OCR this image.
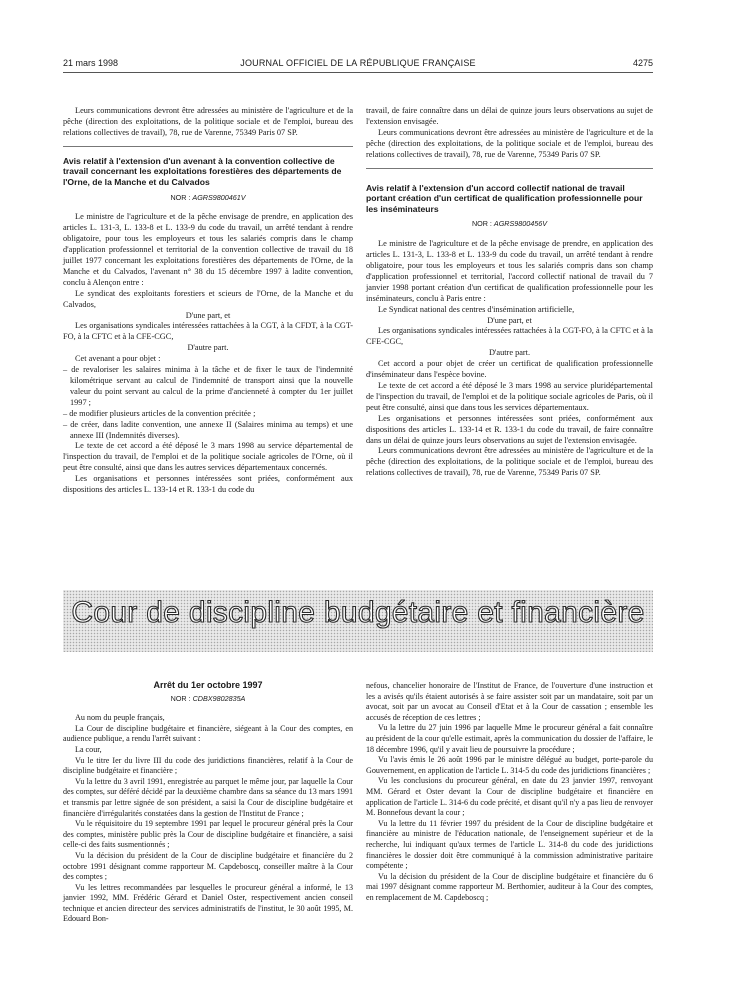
21 mars 1998	JOURNAL OFFICIEL DE LA RÉPUBLIQUE FRANÇAISE	4275

Leurs communications devront être adressées au ministère de l'agriculture et de la pêche (direction des exploitations, de la politique sociale et de l'emploi, bureau des relations collectives de travail), 78, rue de Varenne, 75349 Paris 07 SP.

Avis relatif à l'extension d'un avenant à la convention collective de travail concernant les exploitations forestières des départements de l'Orne, de la Manche et du Calvados

NOR : AGRS9800461V

Le ministre de l'agriculture et de la pêche envisage de prendre, en application des articles L. 131-3, L. 133-8 et L. 133-9 du code du travail, un arrêté tendant à rendre obligatoire, pour tous les employeurs et tous les salariés compris dans le champ d'application professionnel et territorial de la convention collective de travail du 18 juillet 1977 concernant les exploitations forestières des départements de l'Orne, de la Manche et du Calvados, l'avenant n° 38 du 15 décembre 1997 à ladite convention, conclu à Alençon entre :

Le syndicat des exploitants forestiers et scieurs de l'Orne, de la Manche et du Calvados,

D'une part, et

Les organisations syndicales intéressées rattachées à la CGT, à la CFDT, à la CGT-FO, à la CFTC et à la CFE-CGC,

D'autre part.

Cet avenant a pour objet :

– de revaloriser les salaires minima à la tâche et de fixer le taux de l'indemnité kilométrique servant au calcul de l'indemnité de transport ainsi que la nouvelle valeur du point servant au calcul de la prime d'ancienneté à compter du 1er juillet 1997 ;

– de modifier plusieurs articles de la convention précitée ;

– de créer, dans ladite convention, une annexe II (Salaires minima au temps) et une annexe III (Indemnités diverses).

Le texte de cet accord a été déposé le 3 mars 1998 au service départemental de l'inspection du travail, de l'emploi et de la politique sociale agricoles de l'Orne, où il peut être consulté, ainsi que dans les autres services départementaux concernés.

Les organisations et personnes intéressées sont priées, conformément aux dispositions des articles L. 133-14 et R. 133-1 du code du

travail, de faire connaître dans un délai de quinze jours leurs observations au sujet de l'extension envisagée.

Leurs communications devront être adressées au ministère de l'agriculture et de la pêche (direction des exploitations, de la politique sociale et de l'emploi, bureau des relations collectives de travail), 78, rue de Varenne, 75349 Paris 07 SP.

Avis relatif à l'extension d'un accord collectif national de travail portant création d'un certificat de qualification professionnelle pour les inséminateurs

NOR : AGRS9800456V

Le ministre de l'agriculture et de la pêche envisage de prendre, en application des articles L. 131-3, L. 133-8 et L. 133-9 du code du travail, un arrêté tendant à rendre obligatoire, pour tous les employeurs et tous les salariés compris dans son champ d'application professionnel et territorial, l'accord collectif national de travail du 7 janvier 1998 portant création d'un certificat de qualification professionnelle pour les inséminateurs, conclu à Paris entre :

Le Syndicat national des centres d'insémination artificielle,

D'une part, et

Les organisations syndicales intéressées rattachées à la CGT-FO, à la CFTC et à la CFE-CGC,

D'autre part.

Cet accord a pour objet de créer un certificat de qualification professionnelle d'inséminateur dans l'espèce bovine.

Le texte de cet accord a été déposé le 3 mars 1998 au service pluridépartemental de l'inspection du travail, de l'emploi et de la politique sociale agricoles de Paris, où il peut être consulté, ainsi que dans tous les services départementaux.

Les organisations et personnes intéressées sont priées, conformément aux dispositions des articles L. 133-14 et R. 133-1 du code du travail, de faire connaître dans un délai de quinze jours leurs observations au sujet de l'extension envisagée.

Leurs communications devront être adressées au ministère de l'agriculture et de la pêche (direction des exploitations, de la politique sociale et de l'emploi, bureau des relations collectives de travail), 78, rue de Varenne, 75349 Paris 07 SP.

Cour de discipline budgétaire et financière
Arrêt du 1er octobre 1997

NOR : CDBX9802835A

Au nom du peuple français,

La Cour de discipline budgétaire et financière, siégeant à la Cour des comptes, en audience publique, a rendu l'arrêt suivant :

La cour,

Vu le titre Ier du livre III du code des juridictions financières, relatif à la Cour de discipline budgétaire et financière ;

Vu la lettre du 3 avril 1991, enregistrée au parquet le même jour, par laquelle la Cour des comptes, sur déféré décidé par la deuxième chambre dans sa séance du 13 mars 1991 et transmis par lettre signée de son président, a saisi la Cour de discipline budgétaire et financière d'irrégularités constatées dans la gestion de l'Institut de France ;

Vu le réquisitoire du 19 septembre 1991 par lequel le procureur général près la Cour des comptes, ministère public près la Cour de discipline budgétaire et financière, a saisi celle-ci des faits susmentionnés ;

Vu la décision du président de la Cour de discipline budgétaire et financière du 2 octobre 1991 désignant comme rapporteur M. Capdeboscq, conseiller maître à la Cour des comptes ;

Vu les lettres recommandées par lesquelles le procureur général a informé, le 13 janvier 1992, MM. Frédéric Gérard et Daniel Oster, respectivement ancien conseil technique et ancien directeur des services administratifs de l'institut, le 30 août 1995, M. Edouard Bon-

nefous, chancelier honoraire de l'Institut de France, de l'ouverture d'une instruction et les a avisés qu'ils étaient autorisés à se faire assister soit par un mandataire, soit par un avocat, soit par un avocat au Conseil d'Etat et à la Cour de cassation ; ensemble les accusés de réception de ces lettres ;

Vu la lettre du 27 juin 1996 par laquelle Mme le procureur général a fait connaître au président de la cour qu'elle estimait, après la communication du dossier de l'affaire, le 18 décembre 1996, qu'il y avait lieu de poursuivre la procédure ;

Vu l'avis émis le 26 août 1996 par le ministre délégué au budget, porte-parole du Gouvernement, en application de l'article L. 314-5 du code des juridictions financières ;

Vu les conclusions du procureur général, en date du 23 janvier 1997, renvoyant MM. Gérard et Oster devant la Cour de discipline budgétaire et financière en application de l'article L. 314-6 du code précité, et disant qu'il n'y a pas lieu de renvoyer M. Bonnefous devant la cour ;

Vu la lettre du 11 février 1997 du président de la Cour de discipline budgétaire et financière au ministre de l'éducation nationale, de l'enseignement supérieur et de la recherche, lui indiquant qu'aux termes de l'article L. 314-8 du code des juridictions financières le dossier doit être communiqué à la commission administrative paritaire compétente ;

Vu la décision du président de la Cour de discipline budgétaire et financière du 6 mai 1997 désignant comme rapporteur M. Berthomier, auditeur à la Cour des comptes, en remplacement de M. Capdeboscq ;
